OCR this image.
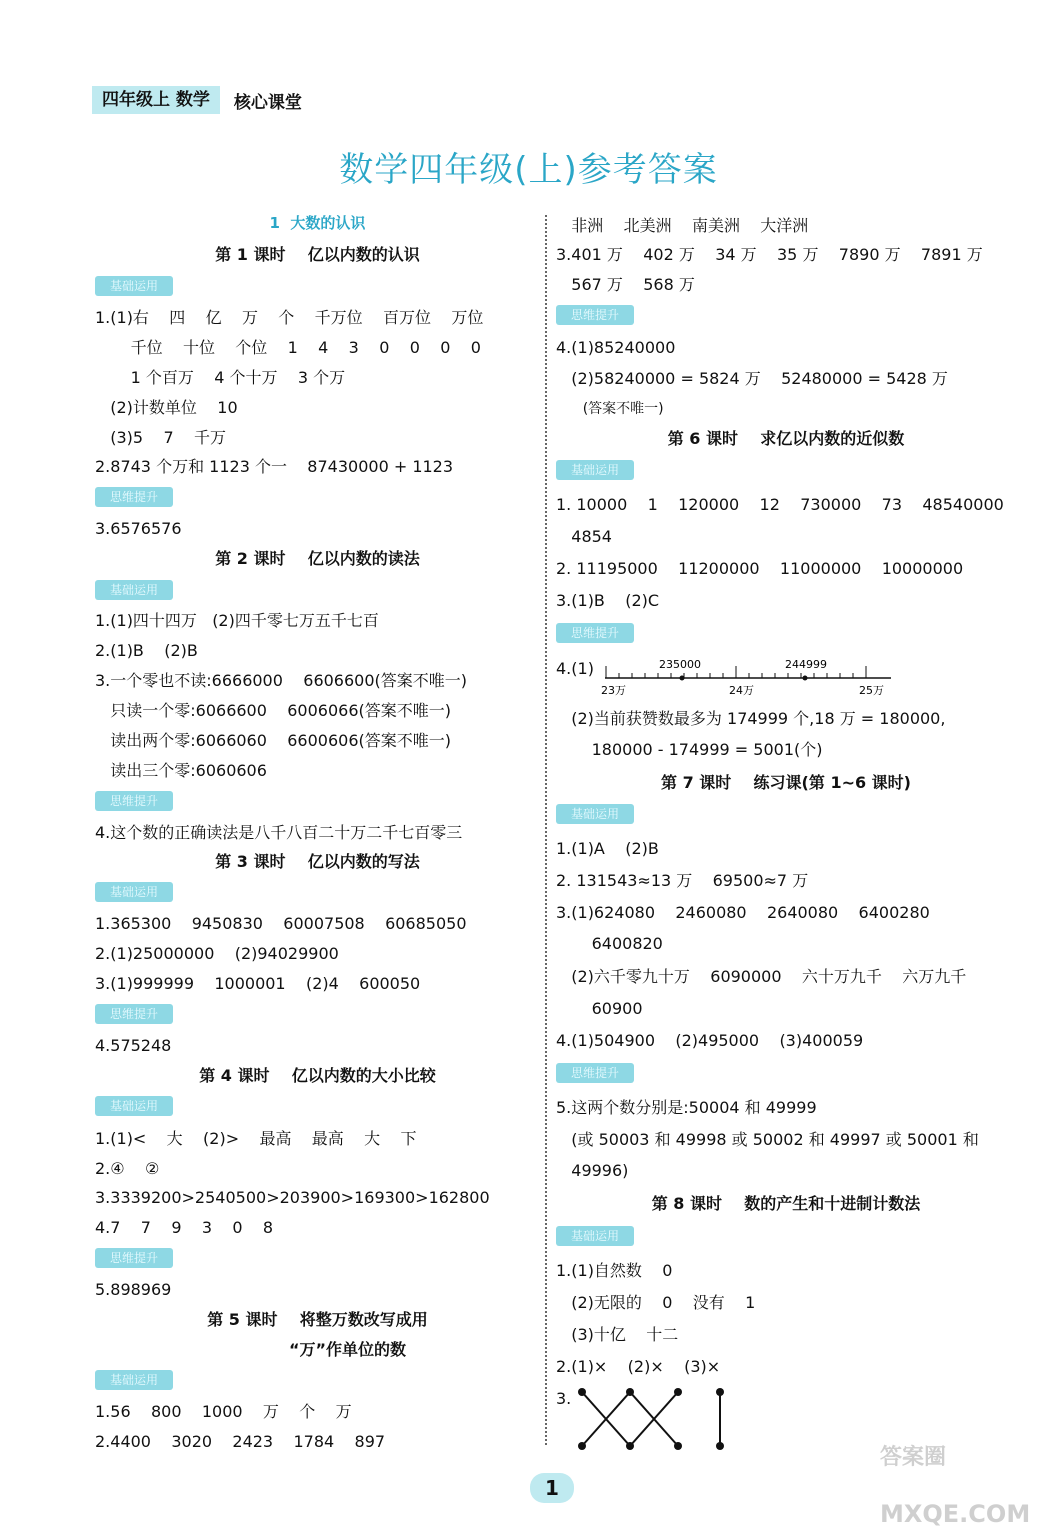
四年级上 数学	核心课堂
数学四年级(上)参考答案
1  大数的认识
第 1 课时    亿以内数的认识
基础运用
1.(1)右    四    亿    万    个    千万位    百万位    万位
千位    十位    个位    1    4    3    0    0    0    0
1 个百万    4 个十万    3 个万
(2)计数单位    10
(3)5    7    千万
2.8743 个万和 1123 个一    87430000 + 1123
思维提升
3.6576576
第 2 课时    亿以内数的读法
基础运用
1.(1)四十四万   (2)四千零七万五千七百
2.(1)B    (2)B
3.一个零也不读:6666000    6606600(答案不唯一)
只读一个零:6066600    6006066(答案不唯一)
读出两个零:6066060    6600606(答案不唯一)
读出三个零:6060606
思维提升
4.这个数的正确读法是八千八百二十万二千七百零三
第 3 课时    亿以内数的写法
基础运用
1.365300    9450830    60007508    60685050
2.(1)25000000    (2)94029900
3.(1)999999    1000001    (2)4    600050
思维提升
4.575248
第 4 课时    亿以内数的大小比较
基础运用
1.(1)<    大    (2)>    最高    最高    大    下
2.④    ②
3.3339200>2540500>203900>169300>162800
4.7    7    9    3    0    8
思维提升
5.898969
第 5 课时    将整万数改写成用
“万”作单位的数
基础运用
1.56    800    1000    万    个    万
2.4400    3020    2423    1784    897
非洲    北美洲    南美洲    大洋洲
3.401 万    402 万    34 万    35 万    7890 万    7891 万
567 万    568 万
思维提升
4.(1)85240000
(2)58240000 = 5824 万    52480000 = 5428 万
(答案不唯一)
第 6 课时    求亿以内数的近似数
基础运用
1. 10000    1    120000    12    730000    73    48540000
4854
2. 11195000    11200000    11000000    10000000
3.(1)B    (2)C
思维提升
4.(1)	235000	244999
23万	24万	25万
(2)当前获赞数最多为 174999 个,18 万 = 180000,
180000 - 174999 = 5001(个)
第 7 课时    练习课(第 1~6 课时)
基础运用
1.(1)A    (2)B
2. 131543≈13 万    69500≈7 万
3.(1)624080    2460080    2640080    6400280
6400820
(2)六千零九十万    6090000    六十万九千    六万九千
60900
4.(1)504900    (2)495000    (3)400059
思维提升
5.这两个数分别是:50004 和 49999
(或 50003 和 49998 或 50002 和 49997 或 50001 和
49996)
第 8 课时    数的产生和十进制计数法
基础运用
1.(1)自然数    0
(2)无限的    0    没有    1
(3)十亿    十二
2.(1)×    (2)×    (3)×
3.
1
答案圈
MXQE.COM
